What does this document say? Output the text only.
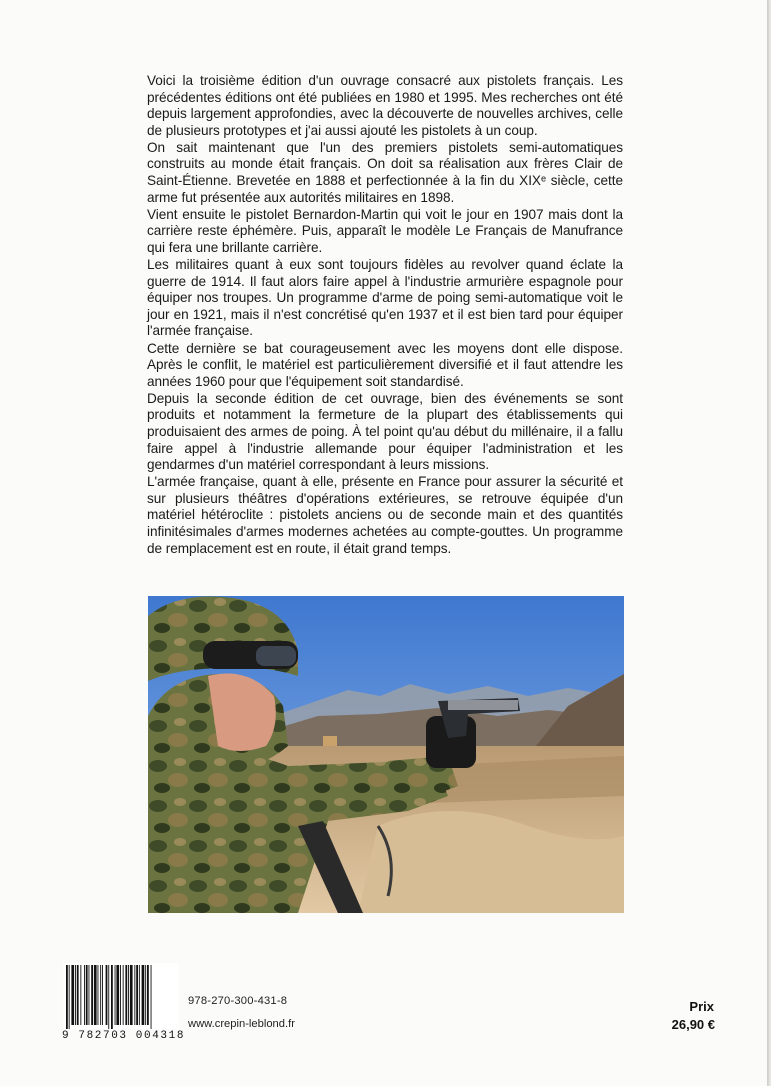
Voici la troisième édition d'un ouvrage consacré aux pistolets français. Les précédentes éditions ont été publiées en 1980 et 1995. Mes recherches ont été depuis largement approfondies, avec la découverte de nouvelles archives, celle de plusieurs prototypes et j'ai aussi ajouté les pistolets à un coup.

On sait maintenant que l'un des premiers pistolets semi-automatiques construits au monde était français. On doit sa réalisation aux frères Clair de Saint-Étienne. Brevetée en 1888 et perfectionnée à la fin du XIXᵉ siècle, cette arme fut présentée aux autorités militaires en 1898.

Vient ensuite le pistolet Bernardon-Martin qui voit le jour en 1907 mais dont la carrière reste éphémère. Puis, apparaît le modèle Le Français de Manufrance qui fera une brillante carrière.

Les militaires quant à eux sont toujours fidèles au revolver quand éclate la guerre de 1914. Il faut alors faire appel à l'industrie armurière espagnole pour équiper nos troupes. Un programme d'arme de poing semi-automatique voit le jour en 1921, mais il n'est concrétisé qu'en 1937 et il est bien tard pour équiper l'armée française.

Cette dernière se bat courageusement avec les moyens dont elle dispose. Après le conflit, le matériel est particulièrement diversifié et il faut attendre les années 1960 pour que l'équipement soit standardisé.

Depuis la seconde édition de cet ouvrage, bien des événements se sont produits et notamment la fermeture de la plupart des établissements qui produisaient des armes de poing. À tel point qu'au début du millénaire, il a fallu faire appel à l'industrie allemande pour équiper l'administration et les gendarmes d'un matériel correspondant à leurs missions.

L'armée française, quant à elle, présente en France pour assurer la sécurité et sur plusieurs théâtres d'opérations extérieures, se retrouve équipée d'un matériel hétéroclite : pistolets anciens ou de seconde main et des quantités infinitésimales d'armes modernes achetées au compte-gouttes. Un programme de remplacement est en route, il était grand temps.

9 782703 004318
978-270-300-431-8
www.crepin-leblond.fr
Prix
26,90 €
